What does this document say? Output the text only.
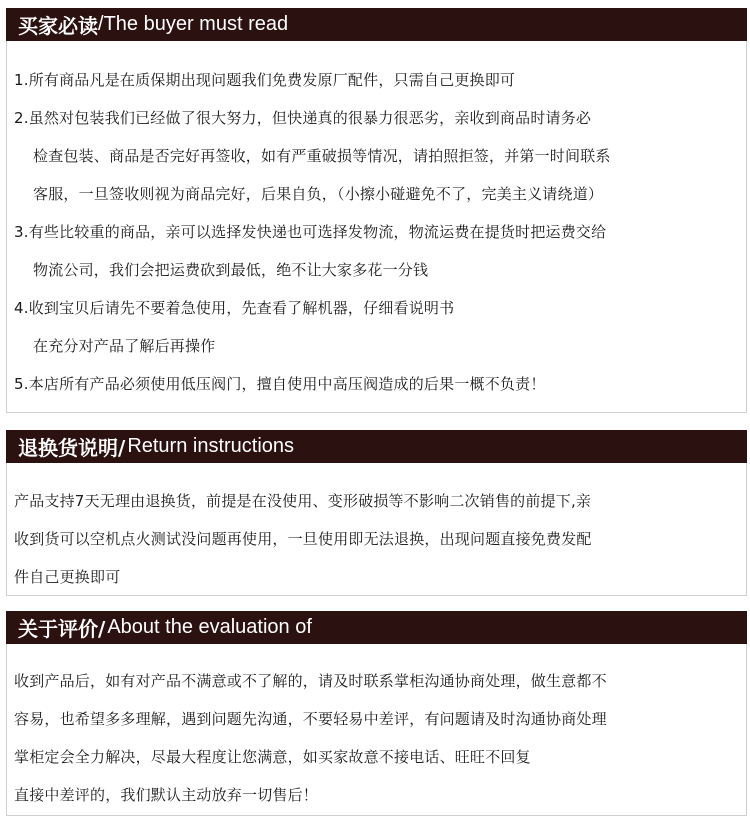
买家必读 / The buyer must read
1.所有商品凡是在质保期出现问题我们免费发原厂配件，只需自己更换即可
2.虽然对包装我们已经做了很大努力，但快递真的很暴力很恶劣，亲收到商品时请务必
检查包装、商品是否完好再签收，如有严重破损等情况，请拍照拒签，并第一时间联系
客服，一旦签收则视为商品完好，后果自负，（小擦小碰避免不了，完美主义请绕道）
3.有些比较重的商品，亲可以选择发快递也可选择发物流，物流运费在提货时把运费交给
物流公司，我们会把运费砍到最低，绝不让大家多花一分钱
4.收到宝贝后请先不要着急使用，先查看了解机器，仔细看说明书
在充分对产品了解后再操作
5.本店所有产品必须使用低压阀门，擅自使用中高压阀造成的后果一概不负责！
退换货说明/ Return instructions
产品支持7天无理由退换货，前提是在没使用、变形破损等不影响二次销售的前提下,亲
收到货可以空机点火测试没问题再使用，一旦使用即无法退换，出现问题直接免费发配
件自己更换即可
关于评价/ About the evaluation of
收到产品后，如有对产品不满意或不了解的，请及时联系掌柜沟通协商处理，做生意都不
容易，也希望多多理解，遇到问题先沟通，不要轻易中差评，有问题请及时沟通协商处理
掌柜定会全力解决，尽最大程度让您满意，如买家故意不接电话、旺旺不回复
直接中差评的，我们默认主动放弃一切售后！
